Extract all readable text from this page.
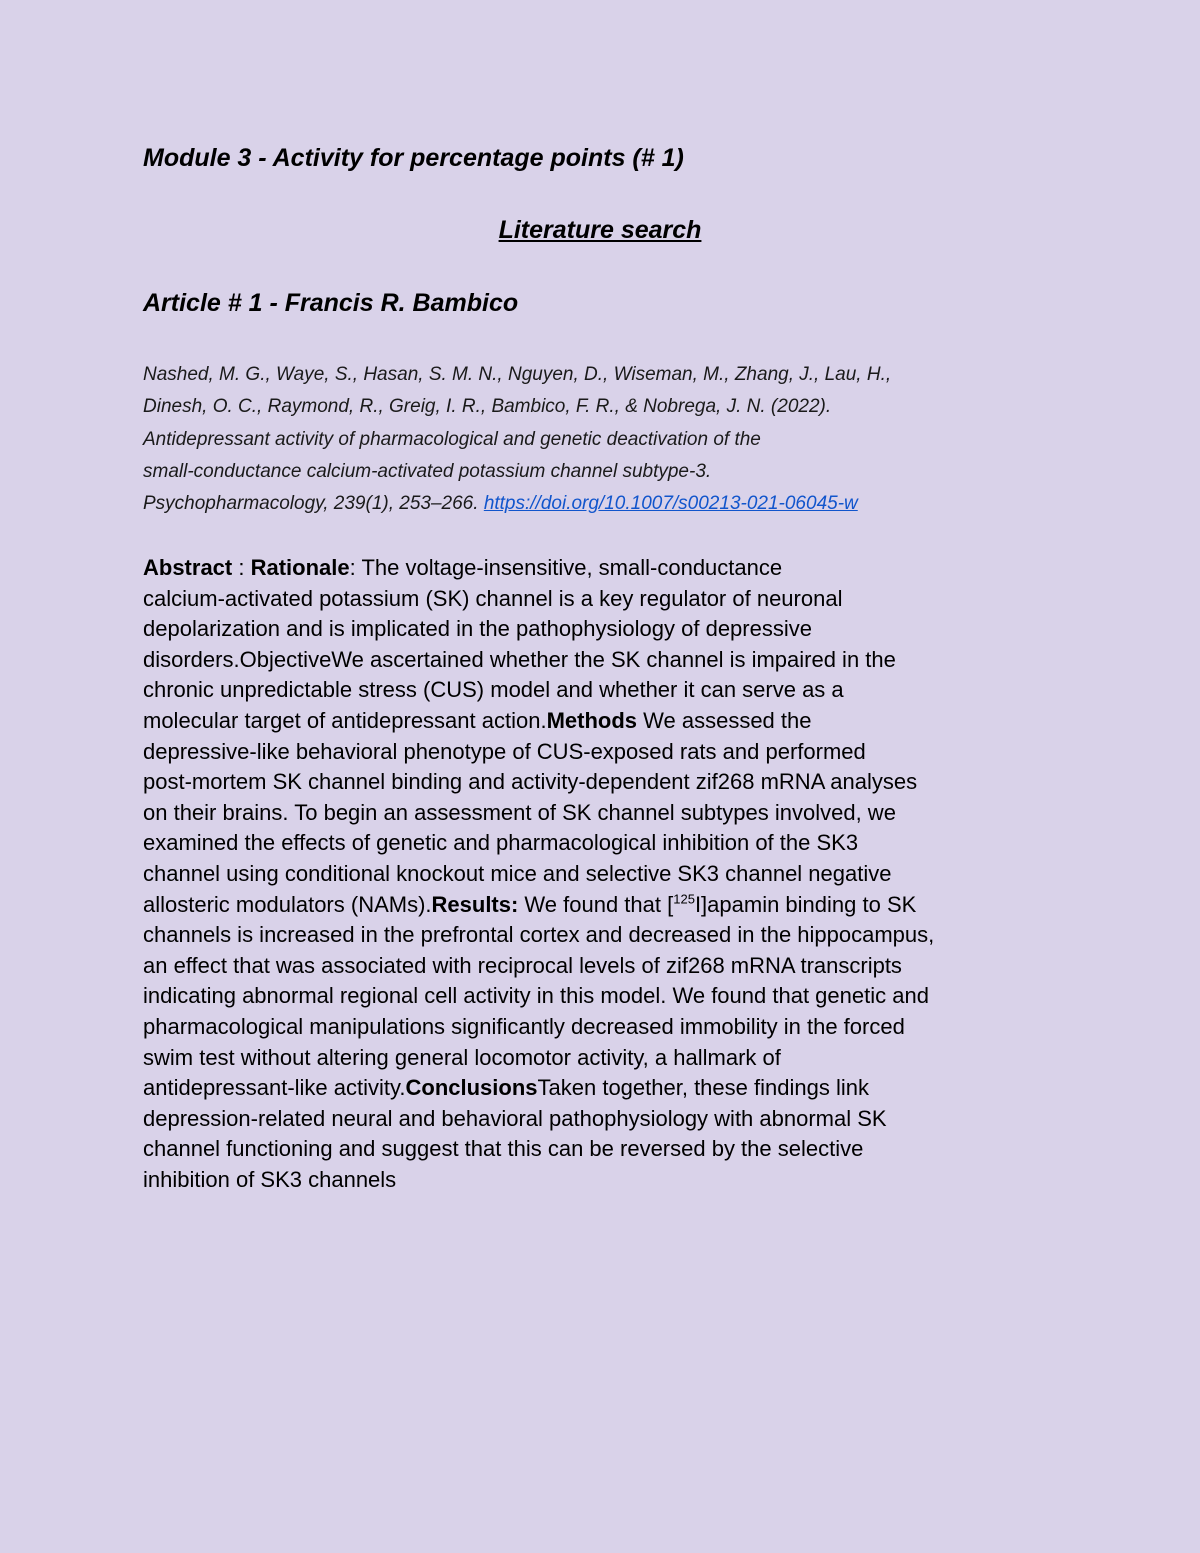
Module 3 - Activity for percentage points (# 1)
Literature search
Article # 1 - Francis R. Bambico

Nashed, M. G., Waye, S., Hasan, S. M. N., Nguyen, D., Wiseman, M., Zhang, J., Lau, H.,
Dinesh, O. C., Raymond, R., Greig, I. R., Bambico, F. R., & Nobrega, J. N. (2022).
Antidepressant activity of pharmacological and genetic deactivation of the
small-conductance calcium-activated potassium channel subtype-3.
Psychopharmacology, 239(1), 253–266. https://doi.org/10.1007/s00213-021-06045-w

Abstract : Rationale: The voltage-insensitive, small-conductance
calcium-activated potassium (SK) channel is a key regulator of neuronal
depolarization and is implicated in the pathophysiology of depressive
disorders.ObjectiveWe ascertained whether the SK channel is impaired in the
chronic unpredictable stress (CUS) model and whether it can serve as a
molecular target of antidepressant action.Methods We assessed the
depressive-like behavioral phenotype of CUS-exposed rats and performed
post-mortem SK channel binding and activity-dependent zif268 mRNA analyses
on their brains. To begin an assessment of SK channel subtypes involved, we
examined the effects of genetic and pharmacological inhibition of the SK3
channel using conditional knockout mice and selective SK3 channel negative
allosteric modulators (NAMs).Results: We found that [$^{125}$I]apamin binding to SK
channels is increased in the prefrontal cortex and decreased in the hippocampus,
an effect that was associated with reciprocal levels of zif268 mRNA transcripts
indicating abnormal regional cell activity in this model. We found that genetic and
pharmacological manipulations significantly decreased immobility in the forced
swim test without altering general locomotor activity, a hallmark of
antidepressant-like activity.ConclusionsTaken together, these findings link
depression-related neural and behavioral pathophysiology with abnormal SK
channel functioning and suggest that this can be reversed by the selective
inhibition of SK3 channels
